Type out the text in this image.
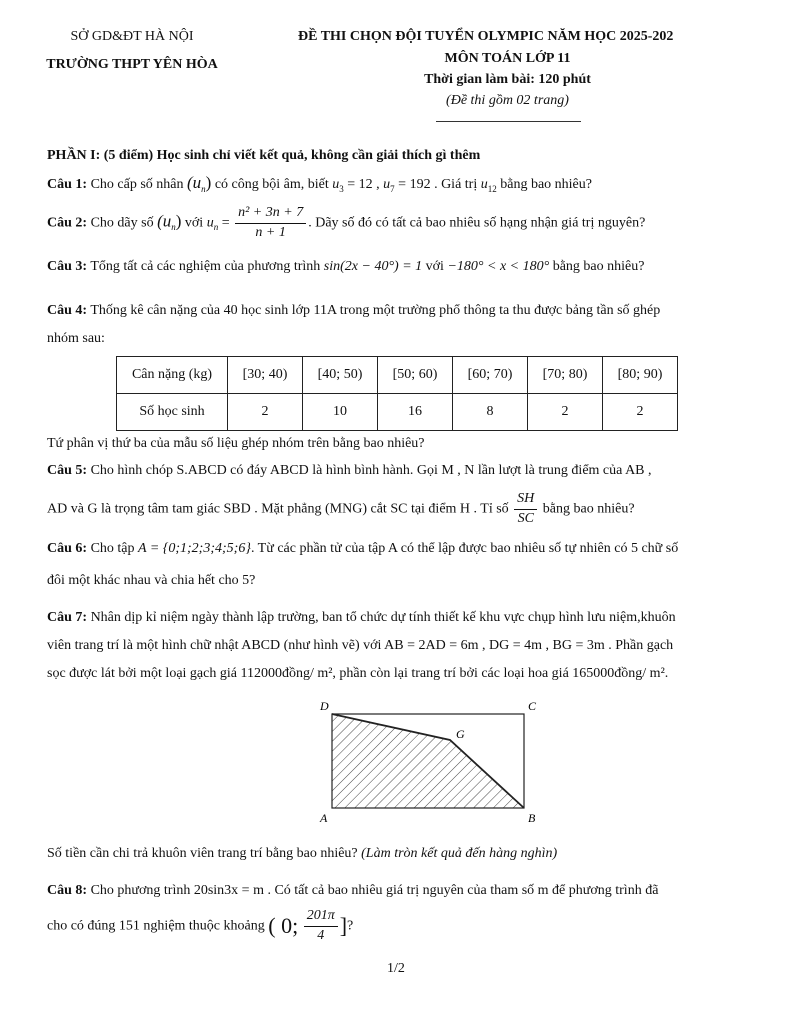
SỞ GD&ĐT HÀ NỘI
TRƯỜNG THPT YÊN HÒA
ĐỀ THI CHỌN ĐỘI TUYỂN OLYMPIC NĂM HỌC 2025-202
MÔN TOÁN LỚP 11
Thời gian làm bài: 120 phút
(Đề thi gồm 02 trang)
PHẦN I: (5 điểm) Học sinh chỉ viết kết quả, không cần giải thích gì thêm
Câu 1: Cho cấp số nhân $(u_n)$ có công bội âm, biết $u_3 = 12$ , $u_7 = 192$ . Giá trị $u_{12}$ bằng bao nhiêu?
Câu 2: Cho dãy số $(u_n)$ với $u_n = \frac{\text{n² + 3n + 7}}{n + 1}$ . Dãy số đó có tất cả bao nhiêu số hạng nhận giá trị nguyên?
Câu 3: Tổng tất cả các nghiệm của phương trình sin(2x − 40°) = 1 với −180° < x < 180° bằng bao nhiêu?
Câu 4: Thống kê cân nặng của 40 học sinh lớp 11A trong một trường phổ thông ta thu được bảng tần số ghép
nhóm sau:
Cân nặng (kg)	[30; 40)	[40; 50)	[50; 60)	[60; 70)	[70; 80)	[80; 90)
Số học sinh	2	10	16	8	2	2
Tứ phân vị thứ ba của mẫu số liệu ghép nhóm trên bằng bao nhiêu?
Câu 5: Cho hình chóp S.ABCD có đáy ABCD là hình bình hành. Gọi M , N lần lượt là trung điểm của AB ,
AD và G là trọng tâm tam giác SBD . Mặt phẳng (MNG) cắt SC tại điểm H . Tỉ số $\frac{SH}{SC}$ bằng bao nhiêu?
Câu 6: Cho tập A = {0;1;2;3;4;5;6}. Từ các phần tử của tập A có thể lập được bao nhiêu số tự nhiên có 5 chữ số
đôi một khác nhau và chia hết cho 5?
Câu 7: Nhân dịp kỉ niệm ngày thành lập trường, ban tổ chức dự tính thiết kế khu vực chụp hình lưu niệm,khuôn
viên trang trí là một hình chữ nhật ABCD (như hình vẽ) với AB = 2AD = 6m , DG = 4m , BG = 3m . Phần gạch
sọc được lát bởi một loại gạch giá 112000đồng/ m², phần còn lại trang trí bởi các loại hoa giá 165000đồng/ m².
D	C
G
A	B
Số tiền cần chi trả khuôn viên trang trí bằng bao nhiêu? (Làm tròn kết quả đến hàng nghìn)
Câu 8: Cho phương trình 20sin3x = m . Có tất cả bao nhiêu giá trị nguyên của tham số m để phương trình đã
cho có đúng 151 nghiệm thuộc khoảng ( 0; $\frac{201\pi}{4}$ ]?
1/2
